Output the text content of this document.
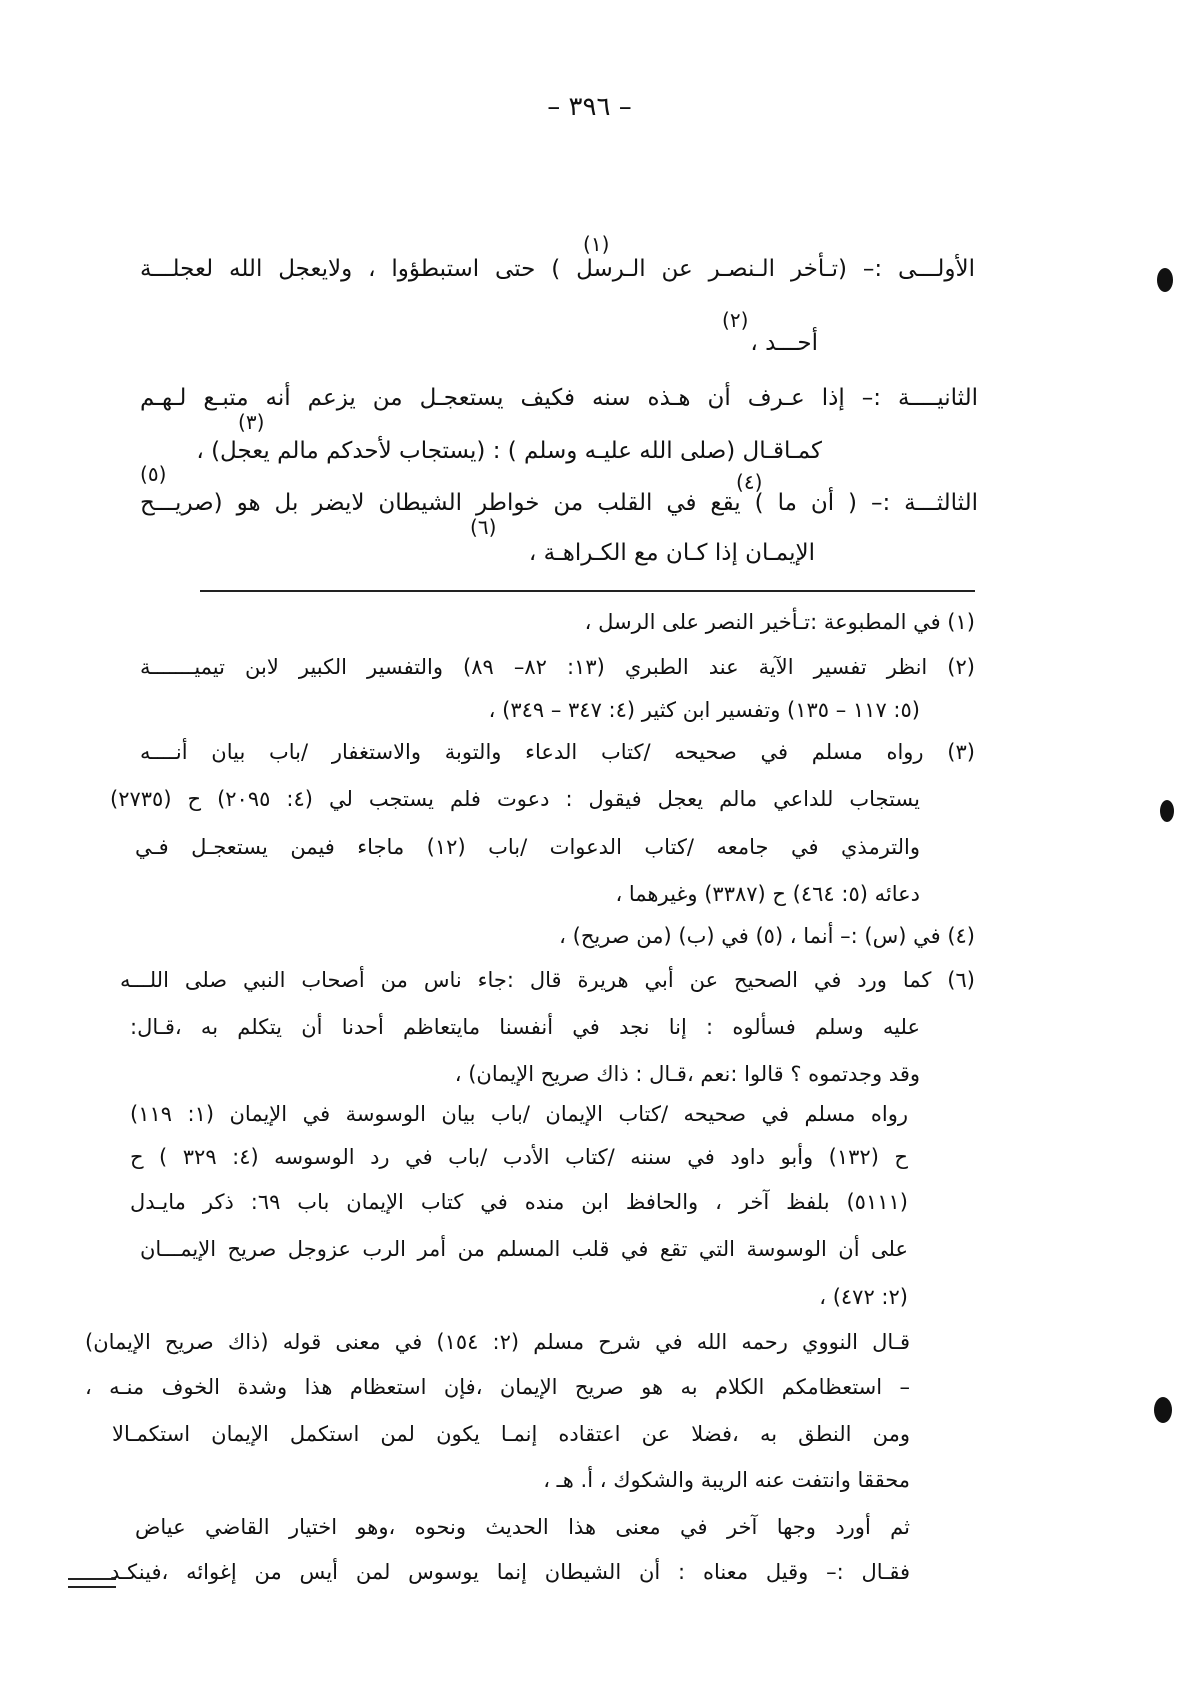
– ٣٩٦ –
(١)
الأولـــى :– (تـأخر الـنصـر عن الـرسل ) حتى استبطؤوا ، ولايعجل الله لعجلـــة
(٢)
أحـــد ،
الثانيــــة :– إذا عـرف أن هـذه سنه فكيف يستعجـل من يزعم أنه متبـع لـهـم
(٣)
كمـاقـال (صلى الله عليـه وسلم ) : (يستجاب لأحدكم مالم يعجل) ،
(٥)	(٤)
الثالثـــة :– ( أن ما ) يقع في القلب من خواطر الشيطان لايضر بل هو (صريـــح
(٦)
الإيمـان إذا كـان مع الكـراهـة ،
(١) في المطبوعة :تـأخير النصر على الرسل ،
(٢) انظر تفسير الآية عند الطبري (١٣: ٨٢– ٨٩) والتفسير الكبير لابن تيميـــــــة
(٥: ١١٧ – ١٣٥) وتفسير ابن كثير (٤: ٣٤٧ – ٣٤٩) ،
(٣) رواه مسلم في صحيحه /كتاب الدعاء والتوبة والاستغفار /باب بيان أنــــه
يستجاب للداعي مالم يعجل فيقول : دعوت فلم يستجب لي (٤: ٢٠٩٥) ح (٢٧٣٥)
والترمذي في جامعه /كتاب الدعوات /باب (١٢) ماجاء فيمن يستعجـل فـي
دعائه (٥: ٤٦٤) ح (٣٣٨٧) وغيرهما ،
(٤) في (س) :– أنما ، (٥) في (ب) (من صريح) ،
(٦) كما ورد في الصحيح عن أبي هريرة قال :جاء ناس من أصحاب النبي صلى اللـــه
عليه وسلم فسألوه : إنا نجد في أنفسنا مايتعاظم أحدنا أن يتكلم به ،قـال:
وقد وجدتموه ؟ قالوا :نعم ،قـال : ذاك صريح الإيمان) ،
رواه مسلم في صحيحه /كتاب الإيمان /باب بيان الوسوسة في الإيمان (١: ١١٩)
ح (١٣٢) وأبو داود في سننه /كتاب الأدب /باب في رد الوسوسه (٤: ٣٢٩ ) ح
(٥١١١) بلفظ آخر ، والحافظ ابن منده في كتاب الإيمان باب ٦٩: ذكر مايـدل
على أن الوسوسة التي تقع في قلب المسلم من أمر الرب عزوجل صريح الإيمـــان
(٢: ٤٧٢) ،
قـال النووي رحمه الله في شرح مسلم (٢: ١٥٤) في معنى قوله (ذاك صريح الإيمان)
– استعظامكم الكلام به هو صريح الإيمان ،فإن استعظام هذا وشدة الخوف منـه ،
ومن النطق به ،فضلا عن اعتقاده إنمـا يكون لمن استكمل الإيمان استكمـالا
محققا وانتفت عنه الريبة والشكوك ، أ. هـ ،
ثم أورد وجها آخر في معنى هذا الحديث ونحوه ،وهو اختيار القاضي عياض
فقـال :– وقيل معناه : أن الشيطان إنما يوسوس لمن أيس من إغوائه ،فينكـد
